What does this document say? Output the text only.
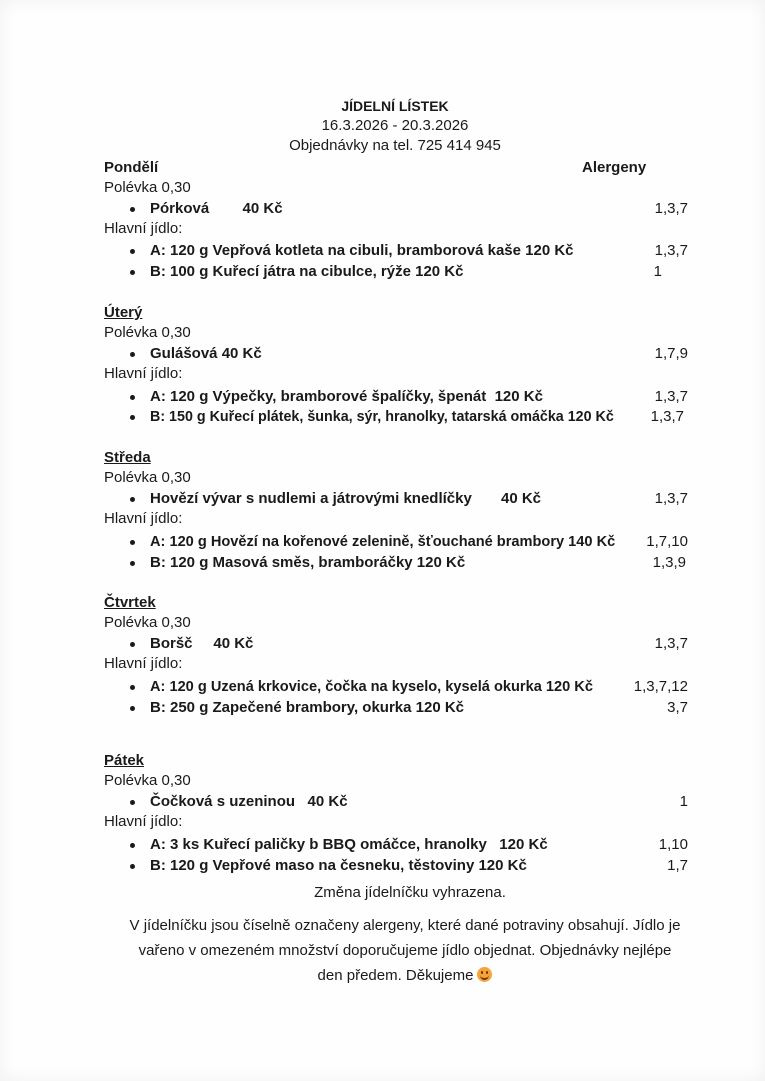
JÍDELNÍ LÍSTEK
16.3.2026 - 20.3.2026
Objednávky na tel. 725 414 945
Alergeny
Pondělí
Polévka 0,30
Pórková        40 Kč	1,3,7
Hlavní jídlo:
A: 120 g Vepřová kotleta na cibuli, bramborová kaše 120 Kč	1,3,7
B: 100 g Kuřecí játra na cibulce, rýže 120 Kč	1
Úterý
Polévka 0,30
Gulášová 40 Kč	1,7,9
Hlavní jídlo:
A: 120 g Výpečky, bramborové špalíčky, špenát  120 Kč	1,3,7
B: 150 g Kuřecí plátek, šunka, sýr, hranolky, tatarská omáčka 120 Kč	1,3,7
Středa
Polévka 0,30
Hovězí vývar s nudlemi a játrovými knedlíčky       40 Kč	1,3,7
Hlavní jídlo:
A: 120 g Hovězí na kořenové zelenině, šťouchané brambory 140 Kč	1,7,10
B: 120 g Masová směs, bramboráčky 120 Kč	1,3,9
Čtvrtek
Polévka 0,30
Boršč     40 Kč	1,3,7
Hlavní jídlo:
A: 120 g Uzená krkovice, čočka na kyselo, kyselá okurka 120 Kč	1,3,7,12
B: 250 g Zapečené brambory, okurka 120 Kč	3,7
Pátek
Polévka 0,30
Čočková s uzeninou   40 Kč	1
Hlavní jídlo:
A: 3 ks Kuřecí paličky b BBQ omáčce, hranolky   120 Kč	1,10
B: 120 g Vepřové maso na česneku, těstoviny 120 Kč	1,7
Změna jídelníčku vyhrazena.
V jídelníčku jsou číselně označeny alergeny, které dané potraviny obsahují. Jídlo je
vařeno v omezeném množství doporučujeme jídlo objednat. Objednávky nejlépe
den předem. Děkujeme
